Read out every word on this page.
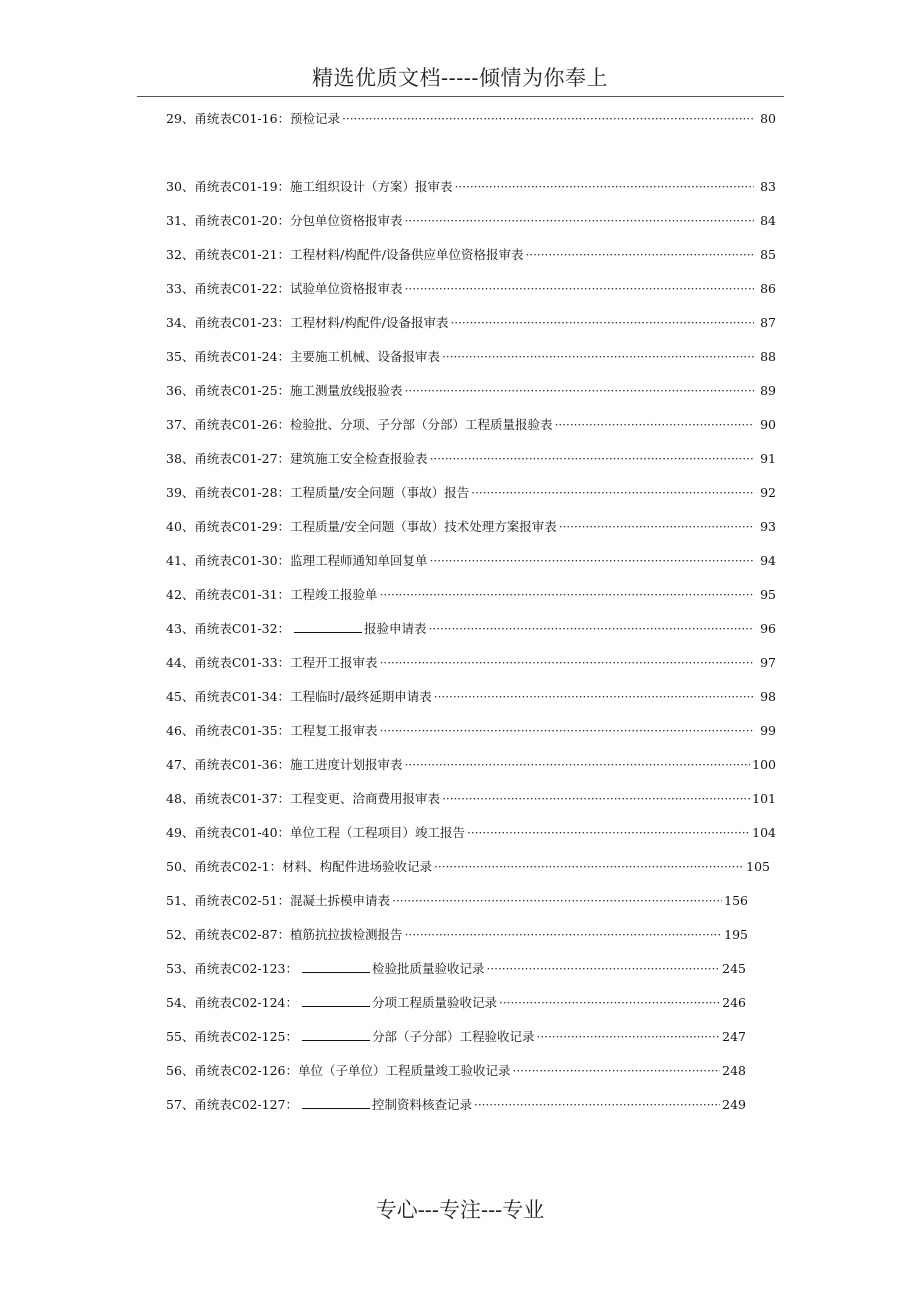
精选优质文档-----倾情为你奉上
29、甬统表C01-16：预检记录 ·····	80
30、甬统表C01-19：施工组织设计（方案）报审表 ·····	83
31、甬统表C01-20：分包单位资格报审表 ·····	84
32、甬统表C01-21：工程材料/构配件/设备供应单位资格报审表 ·····	85
33、甬统表C01-22：试验单位资格报审表 ·····	86
34、甬统表C01-23：工程材料/构配件/设备报审表 ·····	87
35、甬统表C01-24：主要施工机械、设备报审表 ·····	88
36、甬统表C01-25：施工测量放线报验表 ·····	89
37、甬统表C01-26：检验批、分项、子分部（分部）工程质量报验表 ·····	90
38、甬统表C01-27：建筑施工安全检查报验表 ·····	91
39、甬统表C01-28：工程质量/安全问题（事故）报告 ·····	92
40、甬统表C01-29：工程质量/安全问题（事故）技术处理方案报审表 ·····	93
41、甬统表C01-30：监理工程师通知单回复单 ·····	94
42、甬统表C01-31：工程竣工报验单 ·····	95
43、甬统表C01-32：	报验申请表 ·····	96
44、甬统表C01-33：工程开工报审表 ·····	97
45、甬统表C01-34：工程临时/最终延期申请表 ·····	98
46、甬统表C01-35：工程复工报审表 ·····	99
47、甬统表C01-36：施工进度计划报审表 ·····	100
48、甬统表C01-37：工程变更、洽商费用报审表 ·····	101
49、甬统表C01-40：单位工程（工程项目）竣工报告 ·····	104
50、甬统表C02-1：材料、构配件进场验收记录 ·····	105
51、甬统表C02-51：混凝土拆模申请表 ·····	156
52、甬统表C02-87：植筋抗拉拔检测报告 ·····	195
53、甬统表C02-123：	检验批质量验收记录 ·····	245
54、甬统表C02-124：	分项工程质量验收记录 ·····	246
55、甬统表C02-125：	分部（子分部）工程验收记录 ·····	247
56、甬统表C02-126：单位（子单位）工程质量竣工验收记录 ·····	248
57、甬统表C02-127：	控制资料核查记录 ·····	249
专心---专注---专业
